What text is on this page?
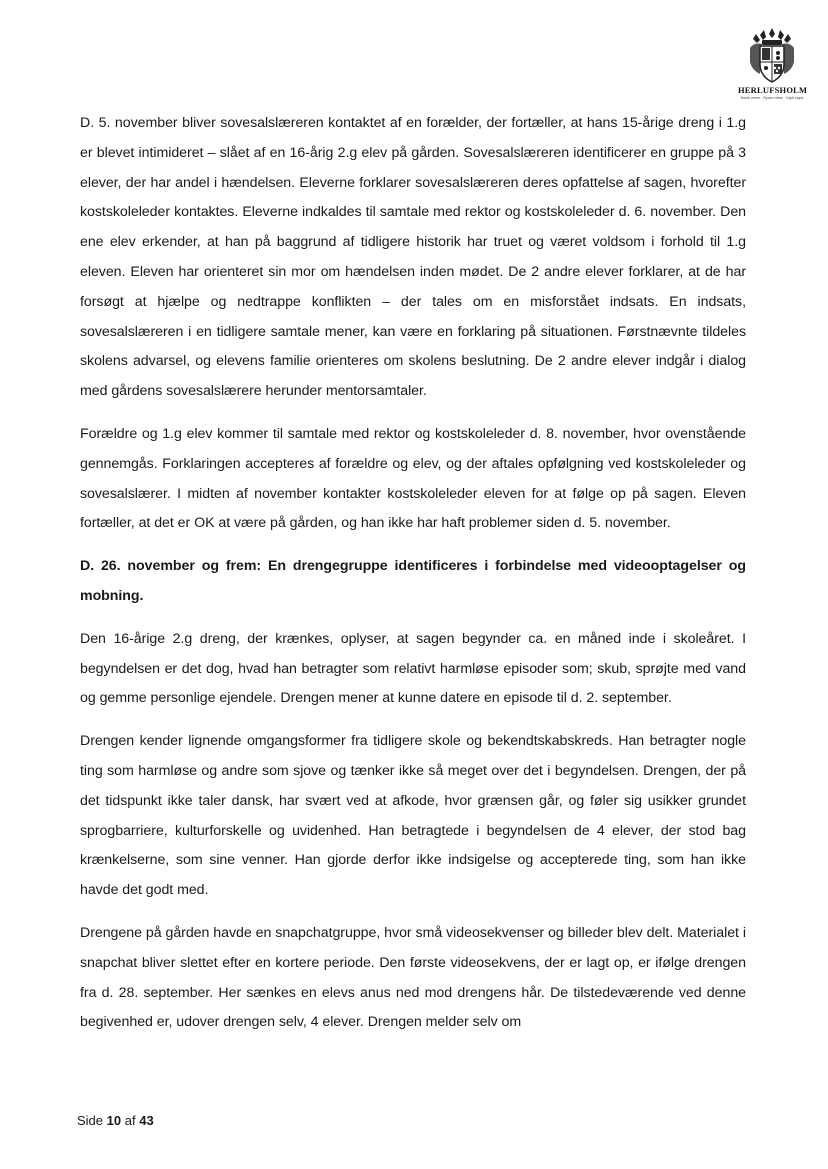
HERLUFSHOLM
Noble vivere · Ryvtm virtue · Capit sapiv

D. 5. november bliver sovesalslæreren kontaktet af en forælder, der fortæller, at hans 15-årige dreng i 1.g er blevet intimideret – slået af en 16-årig 2.g elev på gården. Sovesalslæreren identificerer en gruppe på 3 elever, der har andel i hændelsen. Eleverne forklarer sovesalslæreren deres opfattelse af sagen, hvorefter kostskoleleder kontaktes. Eleverne indkaldes til samtale med rektor og kostskoleleder d. 6. november. Den ene elev erkender, at han på baggrund af tidligere historik har truet og været voldsom i forhold til 1.g eleven. Eleven har orienteret sin mor om hændelsen inden mødet. De 2 andre elever forklarer, at de har forsøgt at hjælpe og nedtrappe konflikten – der tales om en misforstået indsats. En indsats, sovesalslæreren i en tidligere samtale mener, kan være en forklaring på situationen. Førstnævnte tildeles skolens advarsel, og elevens familie orienteres om skolens beslutning. De 2 andre elever indgår i dialog med gårdens sovesalslærere herunder mentorsamtaler.

Forældre og 1.g elev kommer til samtale med rektor og kostskoleleder d. 8. november, hvor ovenstående gennemgås. Forklaringen accepteres af forældre og elev, og der aftales opfølgning ved kostskoleleder og sovesalslærer. I midten af november kontakter kostskoleleder eleven for at følge op på sagen. Eleven fortæller, at det er OK at være på gården, og han ikke har haft problemer siden d. 5. november.

D. 26. november og frem: En drengegruppe identificeres i forbindelse med videooptagelser og mobning.

Den 16-årige 2.g dreng, der krænkes, oplyser, at sagen begynder ca. en måned inde i skoleåret. I begyndelsen er det dog, hvad han betragter som relativt harmløse episoder som; skub, sprøjte med vand og gemme personlige ejendele. Drengen mener at kunne datere en episode til d. 2. september.

Drengen kender lignende omgangsformer fra tidligere skole og bekendtskabskreds. Han betragter nogle ting som harmløse og andre som sjove og tænker ikke så meget over det i begyndelsen. Drengen, der på det tidspunkt ikke taler dansk, har svært ved at afkode, hvor grænsen går, og føler sig usikker grundet sprogbarriere, kulturforskelle og uvidenhed. Han betragtede i begyndelsen de 4 elever, der stod bag krænkelserne, som sine venner. Han gjorde derfor ikke indsigelse og accepterede ting, som han ikke havde det godt med.

Drengene på gården havde en snapchatgruppe, hvor små videosekvenser og billeder blev delt. Materialet i snapchat bliver slettet efter en kortere periode. Den første videosekvens, der er lagt op, er ifølge drengen fra d. 28. september. Her sænkes en elevs anus ned mod drengens hår. De tilstedeværende ved denne begivenhed er, udover drengen selv, 4 elever. Drengen melder selv om

Side 10 af 43
